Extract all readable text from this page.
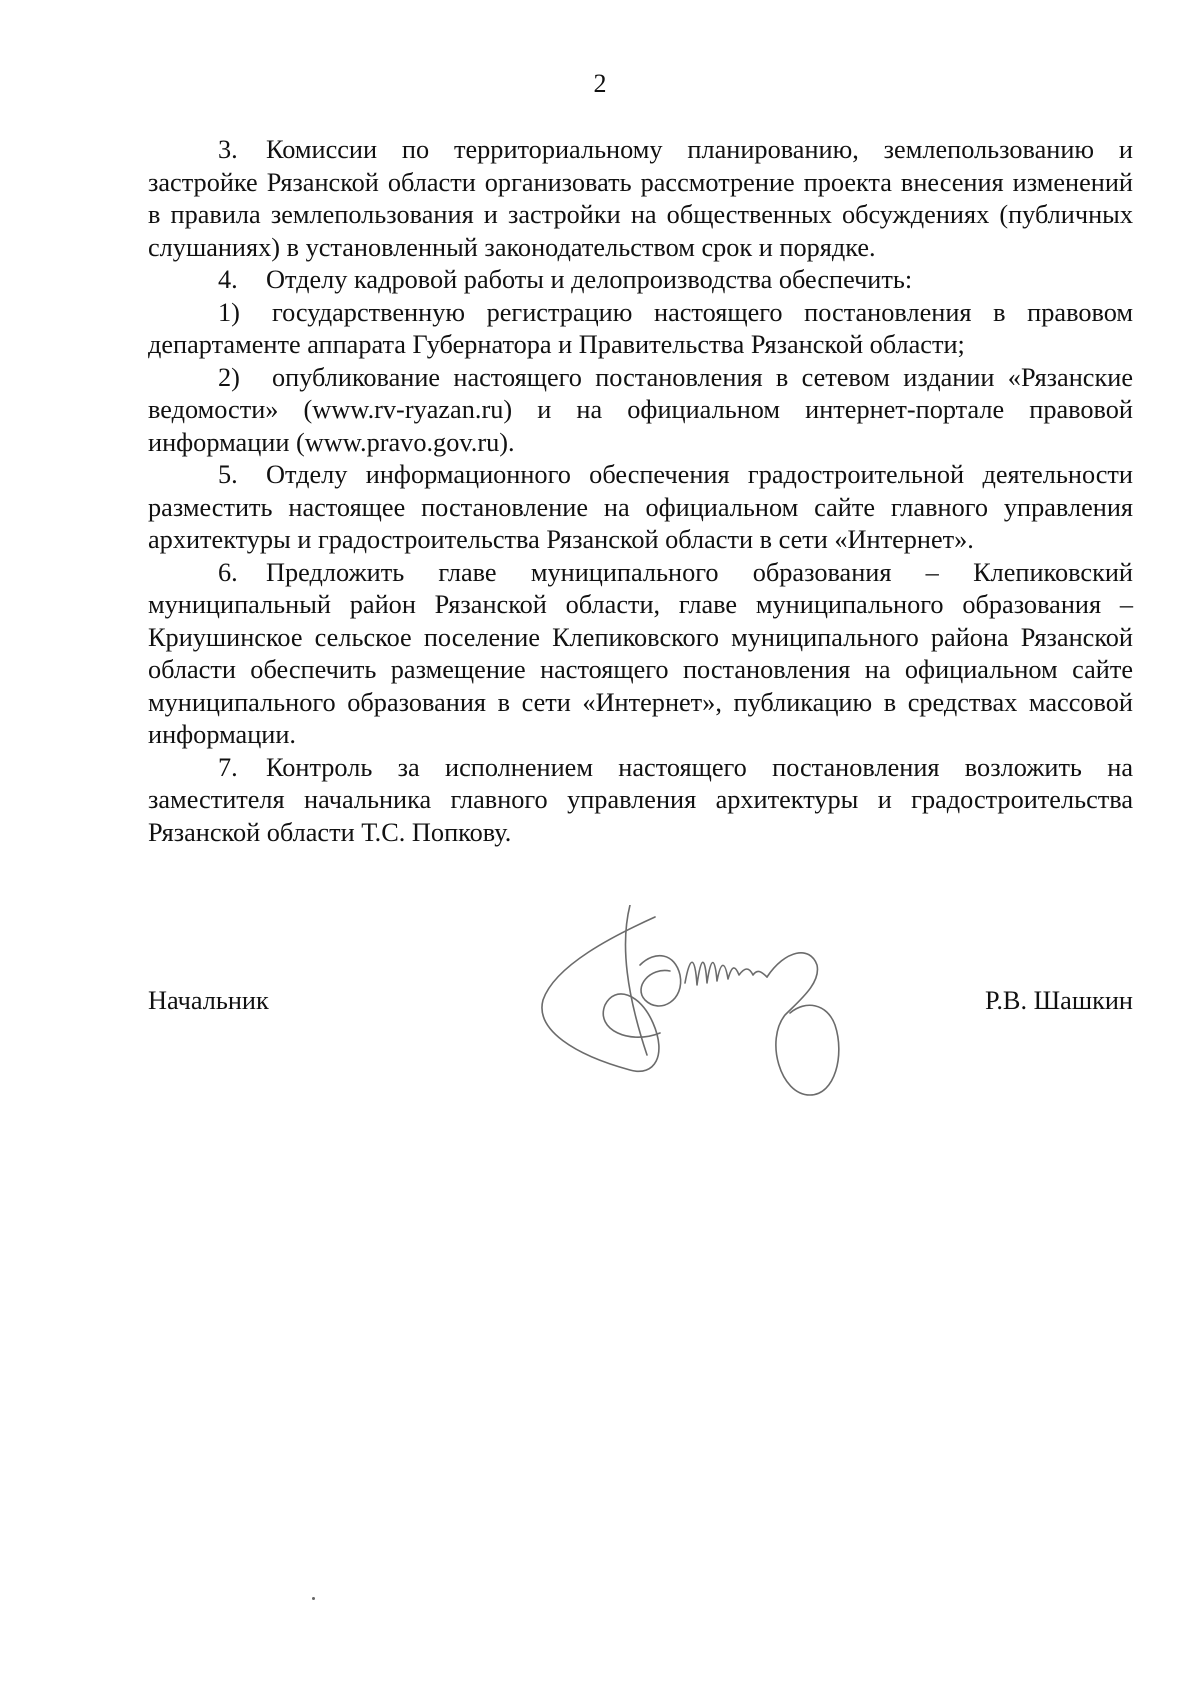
2

3. Комиссии по территориальному планированию, землепользованию и застройке Рязанской области организовать рассмотрение проекта внесения изменений в правила землепользования и застройки на общественных обсуждениях (публичных слушаниях) в установленный законодательством срок и порядке.

4. Отделу кадровой работы и делопроизводства обеспечить:

1) государственную регистрацию настоящего постановления в правовом департаменте аппарата Губернатора и Правительства Рязанской области;

2) опубликование настоящего постановления в сетевом издании «Рязанские ведомости» (www.rv-ryazan.ru) и на официальном интернет-портале правовой информации (www.pravo.gov.ru).

5. Отделу информационного обеспечения градостроительной деятельности разместить настоящее постановление на официальном сайте главного управления архитектуры и градостроительства Рязанской области в сети «Интернет».

6. Предложить главе муниципального образования – Клепиковский муниципальный район Рязанской области, главе муниципального образования – Криушинское сельское поселение Клепиковского муниципального района Рязанской области обеспечить размещение настоящего постановления на официальном сайте муниципального образования в сети «Интернет», публикацию в средствах массовой информации.

7. Контроль за исполнением настоящего постановления возложить на заместителя начальника главного управления архитектуры и градостроительства Рязанской области Т.С. Попкову.

Начальник	Р.В. Шашкин
